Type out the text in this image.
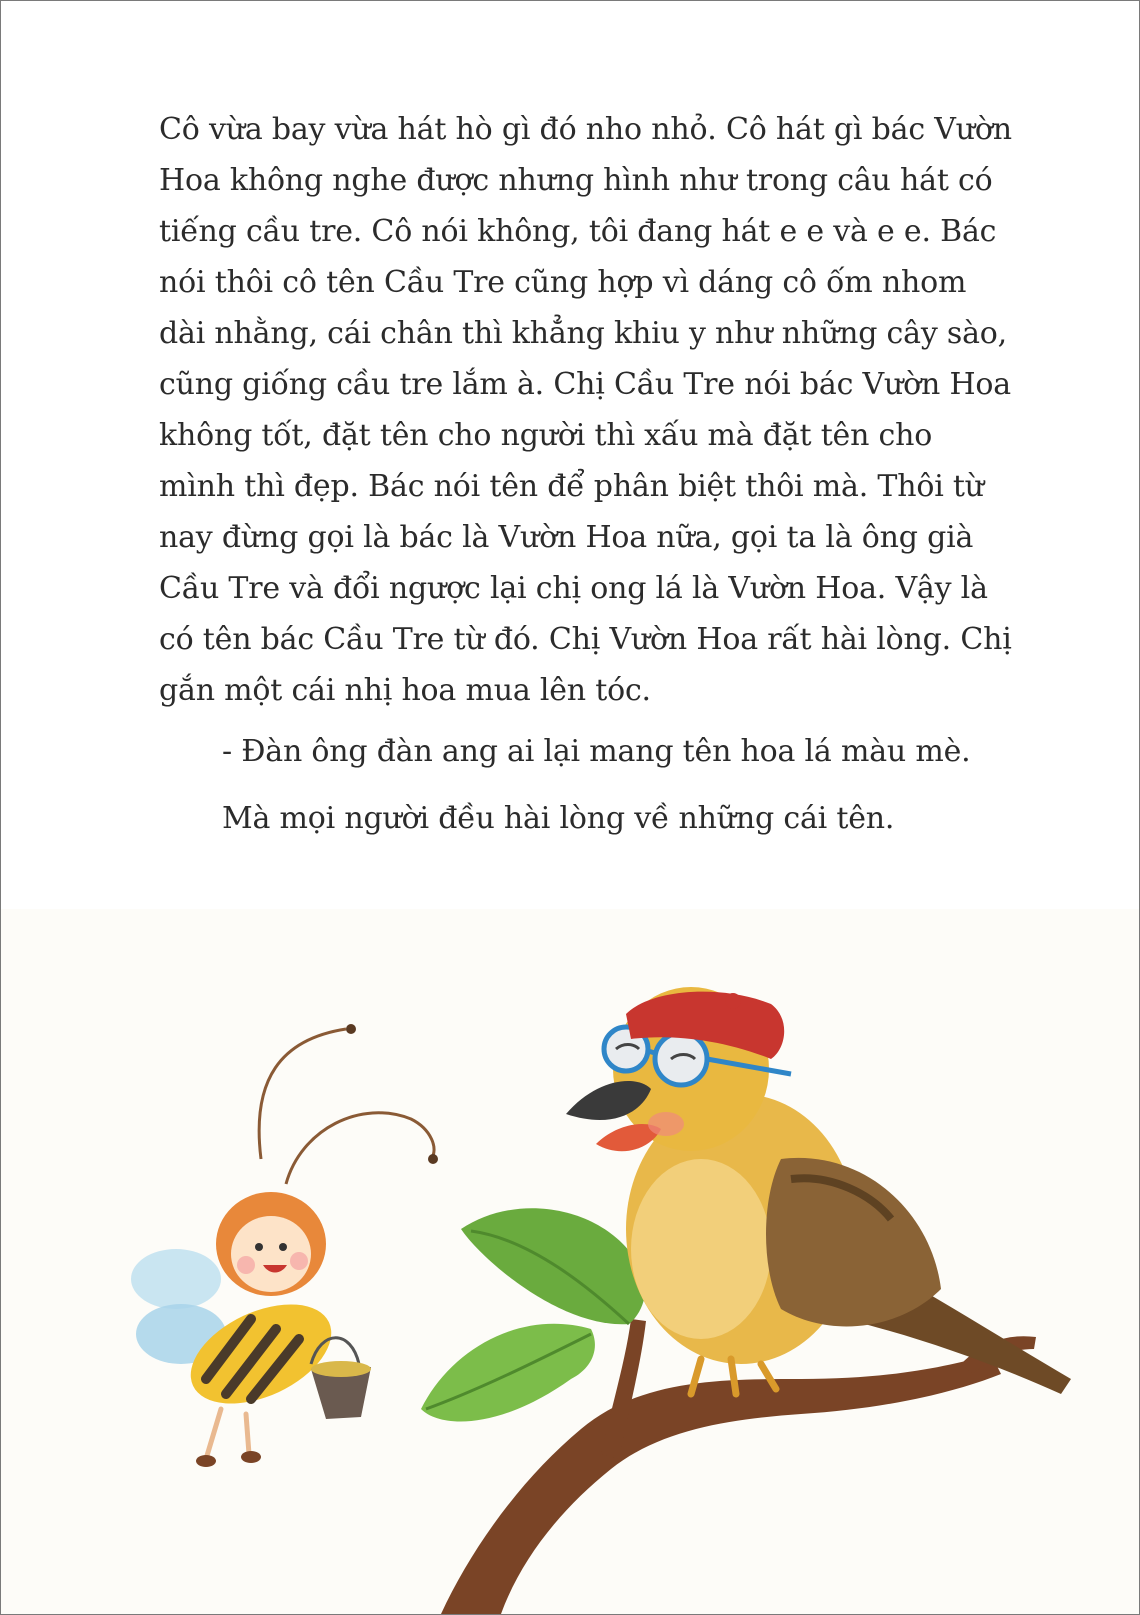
Cô vừa bay vừa hát hò gì đó nho nhỏ. Cô hát gì bác Vườn
Hoa không nghe được nhưng hình như trong câu hát có
tiếng cầu tre. Cô nói không, tôi đang hát e e và e e. Bác
nói thôi cô tên Cầu Tre cũng hợp vì dáng cô ốm nhom
dài nhằng, cái chân thì khẳng khiu y như những cây sào,
cũng giống cầu tre lắm à. Chị Cầu Tre nói bác Vườn Hoa
không tốt, đặt tên cho người thì xấu mà đặt tên cho
mình thì đẹp. Bác nói tên để phân biệt thôi mà. Thôi từ
nay đừng gọi là bác là Vườn Hoa nữa, gọi ta là ông già
Cầu Tre và đổi ngược lại chị ong lá là Vườn Hoa. Vậy là
có tên bác Cầu Tre từ đó. Chị Vườn Hoa rất hài lòng. Chị
gắn một cái nhị hoa mua lên tóc.

- Đàn ông đàn ang ai lại mang tên hoa lá màu mè.

Mà mọi người đều hài lòng về những cái tên.
